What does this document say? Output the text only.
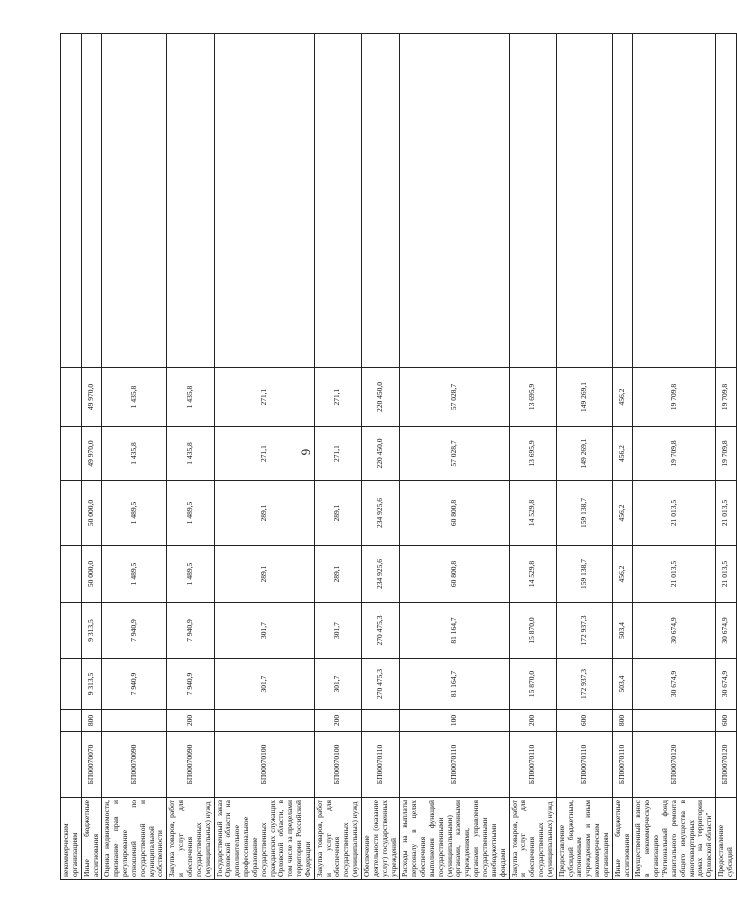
6
некоммерческим организациям									
Иные бюджетные ассигнования	БП00070070	800	9 313,5	9 313,5	50 000,0	50 000,0	49 970,0	49 970,0	
Оценка недвижимости, признание прав и регулирование отношений по государственной и муниципальной собственности	БП00070090		7 940,9	7 940,9	1 489,5	1 489,5	1 435,8	1 435,8	
Закупка товаров, работ и услуг для обеспечения государственных (муниципальных) нужд	БП00070090	200	7 940,9	7 940,9	1 489,5	1 489,5	1 435,8	1 435,8	
Государственный заказ Орловской области на дополнительное профессиональное образование государственных гражданских служащих Орловской области, в том числе за пределами территории Российской Федерации	БП00070100		301,7	301,7	289,1	289,1	271,1	271,1	
Закупка товаров, работ и услуг для обеспечения государственных (муниципальных) нужд	БП00070100	200	301,7	301,7	289,1	289,1	271,1	271,1	
Обеспечение деятельности (оказание услуг) государственных учреждений	БП00070110		270 475,3	270 475,3	234 925,6	234 925,6	220 450,0	220 450,0	
Расходы на выплаты персоналу в целях обеспечения выполнения функций государственными (муниципальными) органами, казенными учреждениями, органами управления государственными внебюджетными фондами	БП00070110	100	81 164,7	81 164,7	60 800,8	60 800,8	57 028,7	57 028,7	
Закупка товаров, работ и услуг для обеспечения государственных (муниципальных) нужд	БП00070110	200	15 870,0	15 870,0	14 529,8	14 529,8	13 695,9	13 695,9	
Предоставление субсидий бюджетным, автономным учреждениям и иным некоммерческим организациям	БП00070110	600	172 937,3	172 937,3	159 138,7	159 138,7	149 269,1	149 269,1	
Иные бюджетные ассигнования	БП00070110	800	503,4	503,4	456,2	456,2	456,2	456,2	
Имущественный взнос в некоммерческую организацию "Региональный фонд капитального ремонта общего имущества в многоквартирных домах на территории Орловской области"	БП00070120		30 674,9	30 674,9	21 013,5	21 013,5	19 709,8	19 709,8	
Предоставление субсидий	БП00070120	600	30 674,9	30 674,9	21 013,5	21 013,5	19 709,8	19 709,8	
